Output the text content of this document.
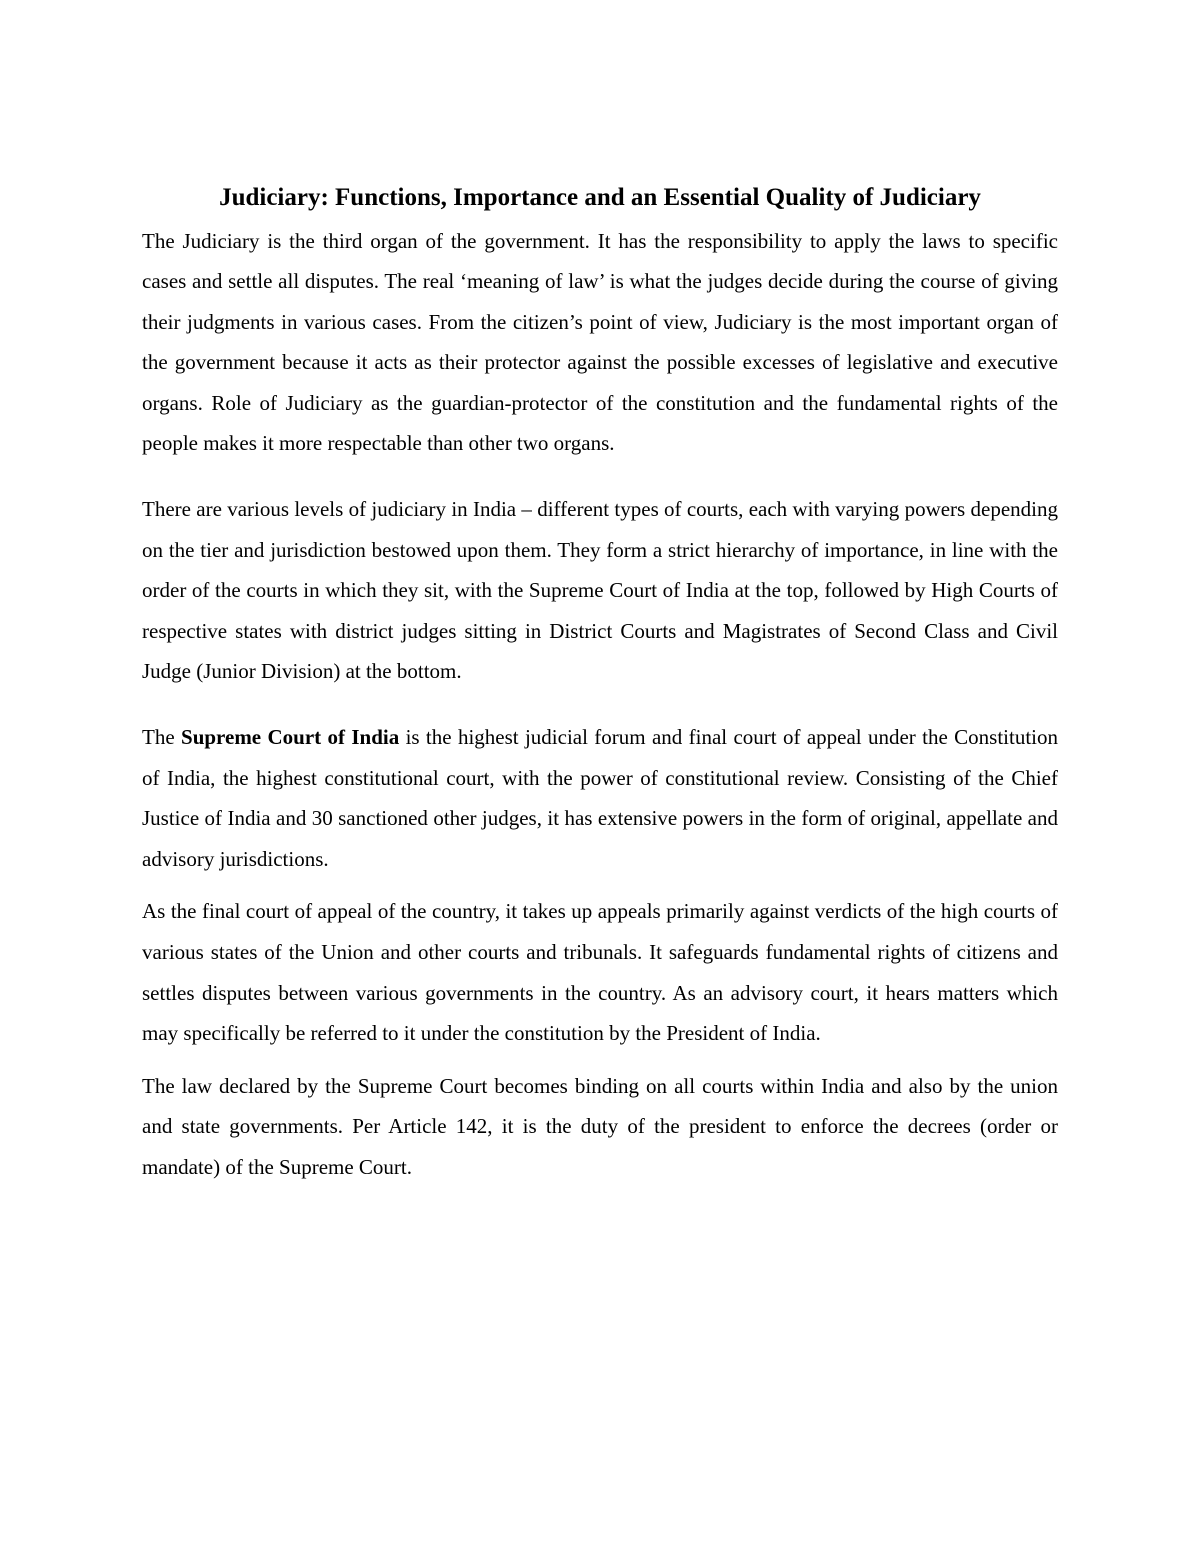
Judiciary: Functions, Importance and an Essential Quality of Judiciary

The Judiciary is the third organ of the government. It has the responsibility to apply the laws to specific cases and settle all disputes. The real ‘meaning of law’ is what the judges decide during the course of giving their judgments in various cases. From the citizen’s point of view, Judiciary is the most important organ of the government because it acts as their protector against the possible excesses of legislative and executive organs. Role of Judiciary as the guardian-protector of the constitution and the fundamental rights of the people makes it more respectable than other two organs.

There are various levels of judiciary in India – different types of courts, each with varying powers depending on the tier and jurisdiction bestowed upon them. They form a strict hierarchy of importance, in line with the order of the courts in which they sit, with the Supreme Court of India at the top, followed by High Courts of respective states with district judges sitting in District Courts and Magistrates of Second Class and Civil Judge (Junior Division) at the bottom.

The Supreme Court of India is the highest judicial forum and final court of appeal under the Constitution of India, the highest constitutional court, with the power of constitutional review. Consisting of the Chief Justice of India and 30 sanctioned other judges, it has extensive powers in the form of original, appellate and advisory jurisdictions.

As the final court of appeal of the country, it takes up appeals primarily against verdicts of the high courts of various states of the Union and other courts and tribunals. It safeguards fundamental rights of citizens and settles disputes between various governments in the country. As an advisory court, it hears matters which may specifically be referred to it under the constitution by the President of India.

The law declared by the Supreme Court becomes binding on all courts within India and also by the union and state governments. Per Article 142, it is the duty of the president to enforce the decrees (order or mandate) of the Supreme Court.
